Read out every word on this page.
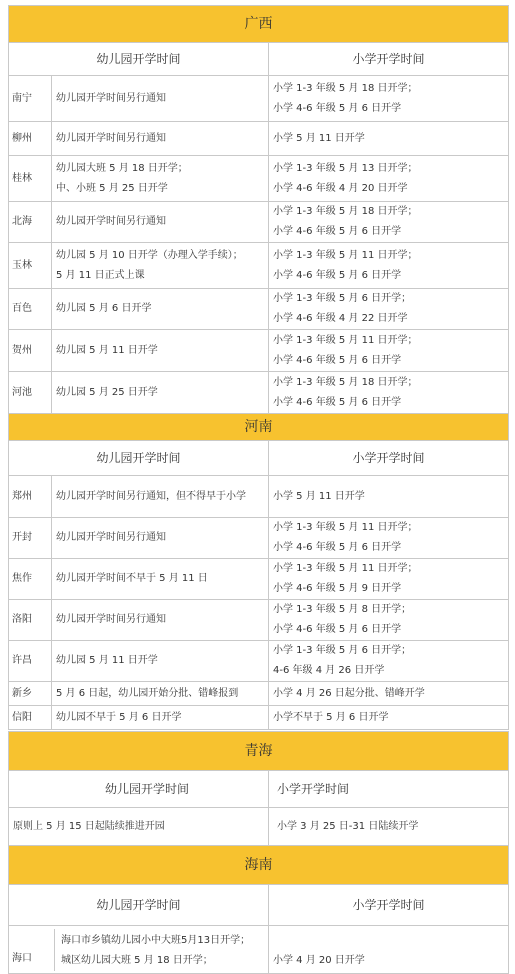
广西		
幼儿园开学时间		小学开学时间
南宁	幼儿园开学时间另行通知	小学 1-3 年级 5 月 18 日开学；
小学 4-6 年级 5 月 6 日开学

柳州	幼儿园开学时间另行通知	小学 5 月 11 日开学

桂林	幼儿园大班 5 月 18 日开学；
中、小班 5 月 25 日开学	小学 1-3 年级 5 月 13 日开学；
小学 4-6 年级 4 月 20 日开学

北海	幼儿园开学时间另行通知	小学 1-3 年级 5 月 18 日开学；
小学 4-6 年级 5 月 6 日开学

玉林	幼儿园 5 月 10 日开学（办理入学手续）；
5 月 11 日正式上课	小学 1-3 年级 5 月 11 日开学；
小学 4-6 年级 5 月 6 日开学

百色	幼儿园 5 月 6 日开学	小学 1-3 年级 5 月 6 日开学；
小学 4-6 年级 4 月 22 日开学

贺州	幼儿园 5 月 11 日开学	小学 1-3 年级 5 月 11 日开学；
小学 4-6 年级 5 月 6 日开学

河池	幼儿园 5 月 25 日开学	小学 1-3 年级 5 月 18 日开学；
小学 4-6 年级 5 月 6 日开学

河南		
幼儿园开学时间		小学开学时间
郑州	幼儿园开学时间另行通知，但不得早于小学	小学 5 月 11 日开学

开封	幼儿园开学时间另行通知	小学 1-3 年级 5 月 11 日开学；
小学 4-6 年级 5 月 6 日开学

焦作	幼儿园开学时间不早于 5 月 11 日	小学 1-3 年级 5 月 11 日开学；
小学 4-6 年级 5 月 9 日开学

洛阳	幼儿园开学时间另行通知	小学 1-3 年级 5 月 8 日开学；
小学 4-6 年级 5 月 6 日开学

许昌	幼儿园 5 月 11 日开学	小学 1-3 年级 5 月 6 日开学；
4-6 年级 4 月 26 日开学

新乡	5 月 6 日起，幼儿园开始分批、错峰报到	小学 4 月 26 日起分批、错峰开学

信阳	幼儿园不早于 5 月 6 日开学	小学不早于 5 月 6 日开学
青海	
幼儿园开学时间	小学开学时间
原则上 5 月 15 日起陆续推进开园	小学 3 月 25 日-31 日陆续开学
海南	
幼儿园开学时间	小学开学时间

海口
海口市乡镇幼儿园小中大班5月13日开学；
城区幼儿园大班 5 月 18 日开学；	小学 4 月 20 日开学
